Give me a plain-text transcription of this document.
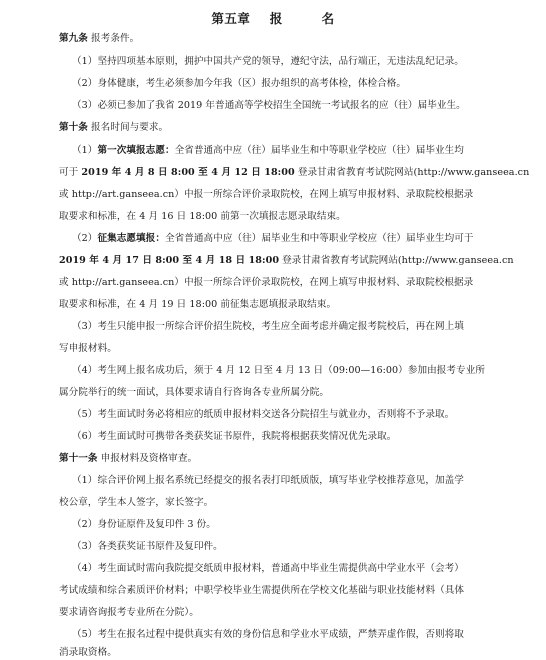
第五章    报        名
第九条 报考条件。
（1）坚持四项基本原则，拥护中国共产党的领导，遵纪守法，品行端正，无违法乱纪记录。
（2）身体健康，考生必须参加今年我（区）报办组织的高考体检，体检合格。
（3）必须已参加了我省 2019 年普通高等学校招生全国统一考试报名的应（往）届毕业生。
第十条 报名时间与要求。
（1）第一次填报志愿：全省普通高中应（往）届毕业生和中等职业学校应（往）届毕业生均
可于 2019 年 4 月 8 日 8:00 至 4 月 12 日 18:00 登录甘肃省教育考试院网站(http://www.ganseea.cn
或 http://art.ganseea.cn）中报一所综合评价录取院校，在网上填写申报材料、录取院校根据录
取要求和标准，在 4 月 16 日 18:00 前第一次填报志愿录取结束。
（2）征集志愿填报：全省普通高中应（往）届毕业生和中等职业学校应（往）届毕业生均可于
2019 年 4 月 17 日 8:00 至 4 月 18 日 18:00 登录甘肃省教育考试院网站(http://www.ganseea.cn
或 http://art.ganseea.cn）中报一所综合评价录取院校，在网上填写申报材料、录取院校根据录
取要求和标准，在 4 月 19 日 18:00 前征集志愿填报录取结束。
（3）考生只能申报一所综合评价招生院校，考生应全面考虑并确定报考院校后，再在网上填
写申报材料。
（4）考生网上报名成功后，须于 4 月 12 日至 4 月 13 日（09:00—16:00）参加由报考专业所
属分院举行的统一面试，具体要求请自行咨询各专业所属分院。
（5）考生面试时务必将相应的纸质申报材料交送各分院招生与就业办，否则将不予录取。
（6）考生面试时可携带各类获奖证书原件，我院将根据获奖情况优先录取。
第十一条 申报材料及资格审查。
（1）综合评价网上报名系统已经提交的报名表打印纸质版，填写毕业学校推荐意见，加盖学
校公章，学生本人签字，家长签字。
（2）身份证原件及复印件 3 份。
（3）各类获奖证书原件及复印件。
（4）考生面试时需向我院提交纸质申报材料，普通高中毕业生需提供高中学业水平（会考）
考试成绩和综合素质评价材料；中职学校毕业生需提供所在学校文化基础与职业技能材料（具体
要求请咨询报考专业所在分院）。
（5）考生在报名过程中提供真实有效的身份信息和学业水平成绩，严禁弄虚作假，否则将取
消录取资格。
